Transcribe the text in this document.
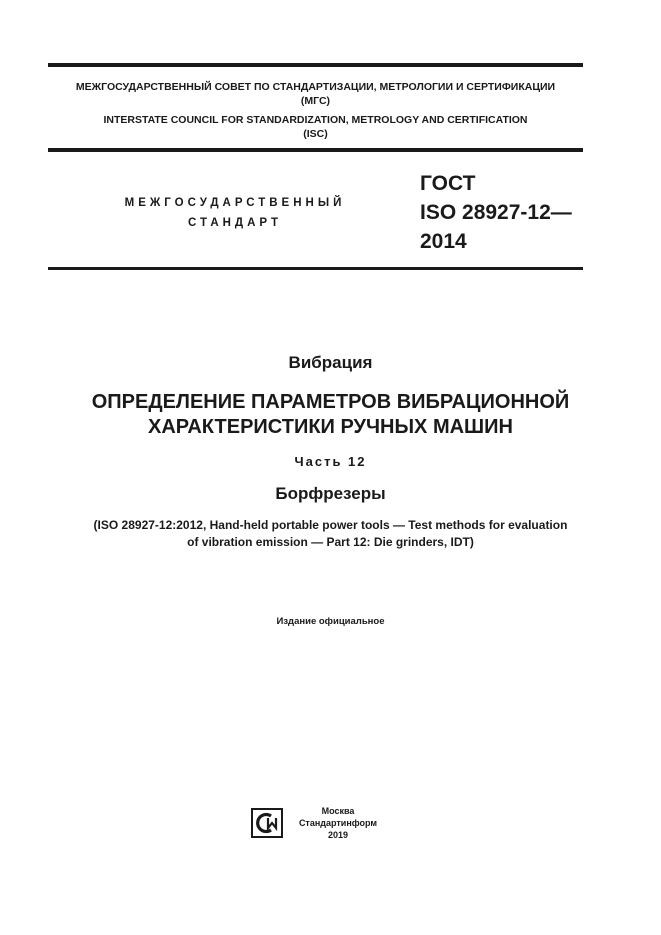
МЕЖГОСУДАРСТВЕННЫЙ СОВЕТ ПО СТАНДАРТИЗАЦИИ, МЕТРОЛОГИИ И СЕРТИФИКАЦИИ
(МГС)
INTERSTATE COUNCIL FOR STANDARDIZATION, METROLOGY AND CERTIFICATION
(ISC)
МЕЖГОСУДАРСТВЕННЫЙ
СТАНДАРТ
ГОСТ
ISO 28927-12—
2014
Вибрация
ОПРЕДЕЛЕНИЕ ПАРАМЕТРОВ ВИБРАЦИОННОЙ
ХАРАКТЕРИСТИКИ РУЧНЫХ МАШИН
Часть 12
Борфрезеры
(ISO 28927-12:2012, Hand-held portable power tools — Test methods for evaluation
of vibration emission — Part 12: Die grinders, IDT)
Издание официальное
Москва
Стандартинформ
2019
